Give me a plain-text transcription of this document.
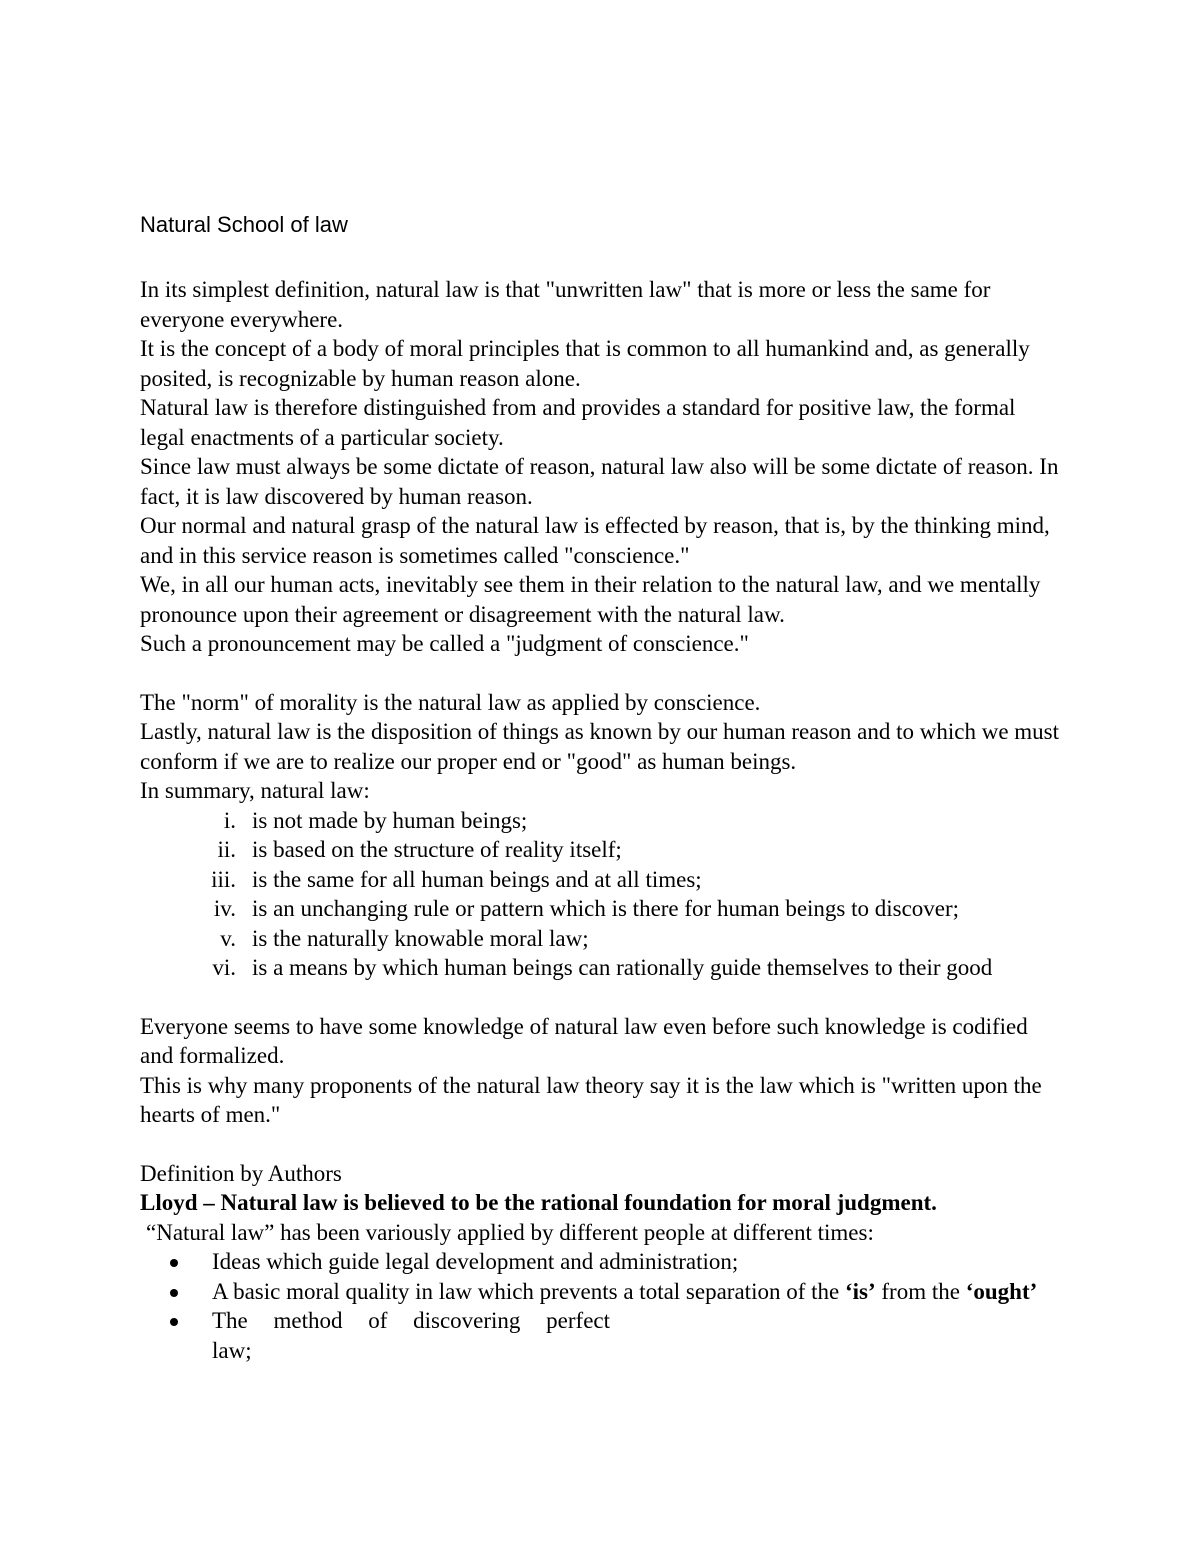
Natural School of law

In its simplest definition, natural law is that "unwritten law" that is more or less the same for everyone everywhere.

It is the concept of a body of moral principles that is common to all humankind and, as generally posited, is recognizable by human reason alone.

Natural law is therefore distinguished from and provides a standard for positive law, the formal legal enactments of a particular society.

Since law must always be some dictate of reason, natural law also will be some dictate of reason. In fact, it is law discovered by human reason.

Our normal and natural grasp of the natural law is effected by reason, that is, by the thinking mind, and in this service reason is sometimes called "conscience."

We, in all our human acts, inevitably see them in their relation to the natural law, and we mentally pronounce upon their agreement or disagreement with the natural law.

Such a pronouncement may be called a "judgment of conscience."

The "norm" of morality is the natural law as applied by conscience.

Lastly, natural law is the disposition of things as known by our human reason and to which we must conform if we are to realize our proper end or "good" as human beings.

In summary, natural law:

i. is not made by human beings;
ii. is based on the structure of reality itself;
iii. is the same for all human beings and at all times;
iv. is an unchanging rule or pattern which is there for human beings to discover;
v. is the naturally knowable moral law;
vi. is a means by which human beings can rationally guide themselves to their good

Everyone seems to have some knowledge of natural law even before such knowledge is codified and formalized.

This is why many proponents of the natural law theory say it is the law which is "written upon the hearts of men."

Definition by Authors

Lloyd – Natural law is believed to be the rational foundation for moral judgment.

“Natural law” has been variously applied by different people at different times:

Ideas which guide legal development and administration;
A basic moral quality in law which prevents a total separation of the ‘is’ from the ‘ought’
The method of discovering perfect
law;
